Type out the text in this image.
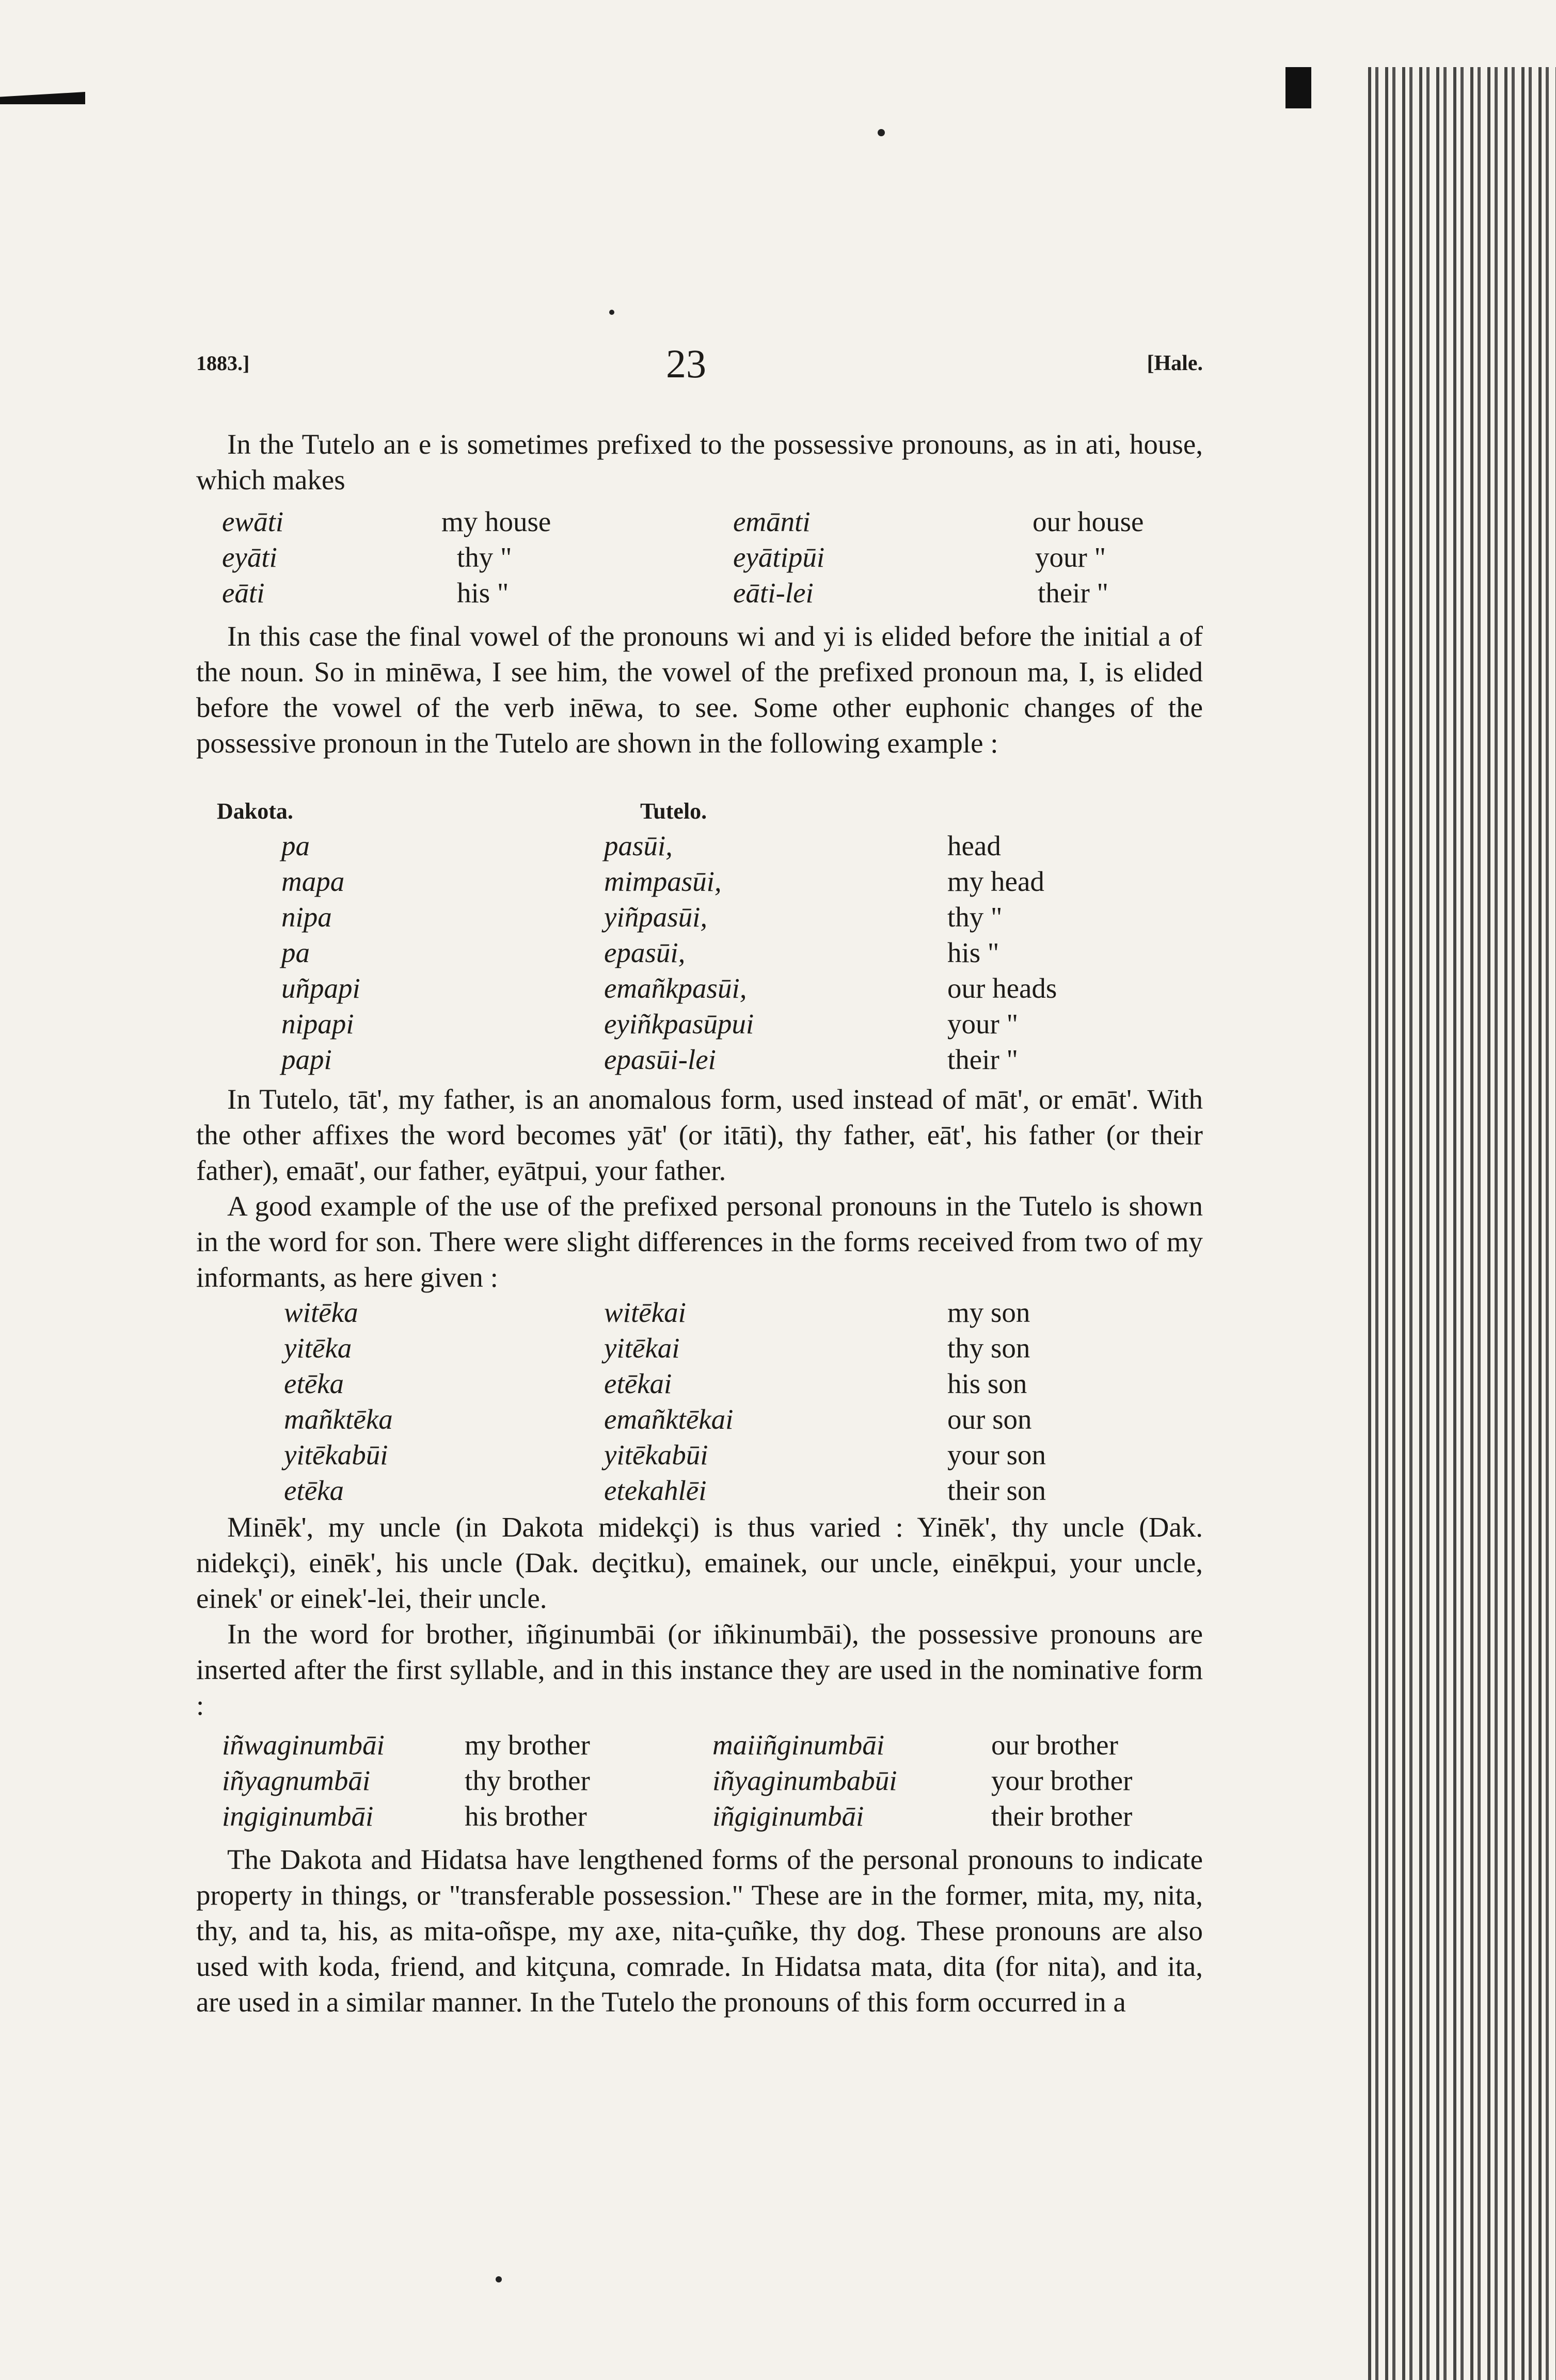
1883.]	23	[Hale.

In the Tutelo an e is sometimes prefixed to the possessive pronouns, as in ati, house, which makes

ewāti	my house	emānti	our house
eyāti	thy "	eyātipūi	your "
eāti	his "	eāti-lei	their "

In this case the final vowel of the pronouns wi and yi is elided before the initial a of the noun. So in minēwa, I see him, the vowel of the prefixed pronoun ma, I, is elided before the vowel of the verb inēwa, to see. Some other euphonic changes of the possessive pronoun in the Tutelo are shown in the following example :

Dakota.	Tutelo.
pa	pasūi,	head
mapa	mimpasūi,	my head
nipa	yiñpasūi,	thy "
pa	epasūi,	his "
uñpapi	emañkpasūi,	our heads
nipapi	eyiñkpasūpui	your "
papi	epasūi-lei	their "

In Tutelo, tāt', my father, is an anomalous form, used instead of māt', or emāt'. With the other affixes the word becomes yāt' (or itāti), thy father, eāt', his father (or their father), emaāt', our father, eyātpui, your father.

A good example of the use of the prefixed personal pronouns in the Tutelo is shown in the word for son. There were slight differences in the forms received from two of my informants, as here given :

witēka	witēkai	my son
yitēka	yitēkai	thy son
etēka	etēkai	his son
mañktēka	emañktēkai	our son
yitēkabūi	yitēkabūi	your son
etēka	etekahlēi	their son

Minēk', my uncle (in Dakota midekçi) is thus varied : Yinēk', thy uncle (Dak. nidekçi), einēk', his uncle (Dak. deçitku), emainek, our uncle, einēkpui, your uncle, einek' or einek'-lei, their uncle.

In the word for brother, iñginumbāi (or iñkinumbāi), the possessive pronouns are inserted after the first syllable, and in this instance they are used in the nominative form :

iñwaginumbāi	my brother	maiiñginumbāi	our brother
iñyagnumbāi	thy brother	iñyaginumbabūi	your brother
ingiginumbāi	his brother	iñgiginumbāi	their brother

The Dakota and Hidatsa have lengthened forms of the personal pronouns to indicate property in things, or "transferable possession." These are in the former, mita, my, nita, thy, and ta, his, as mita-oñspe, my axe, nita-çuñke, thy dog. These pronouns are also used with koda, friend, and kitçuna, comrade. In Hidatsa mata, dita (for nita), and ita, are used in a similar manner. In the Tutelo the pronouns of this form occurred in a
